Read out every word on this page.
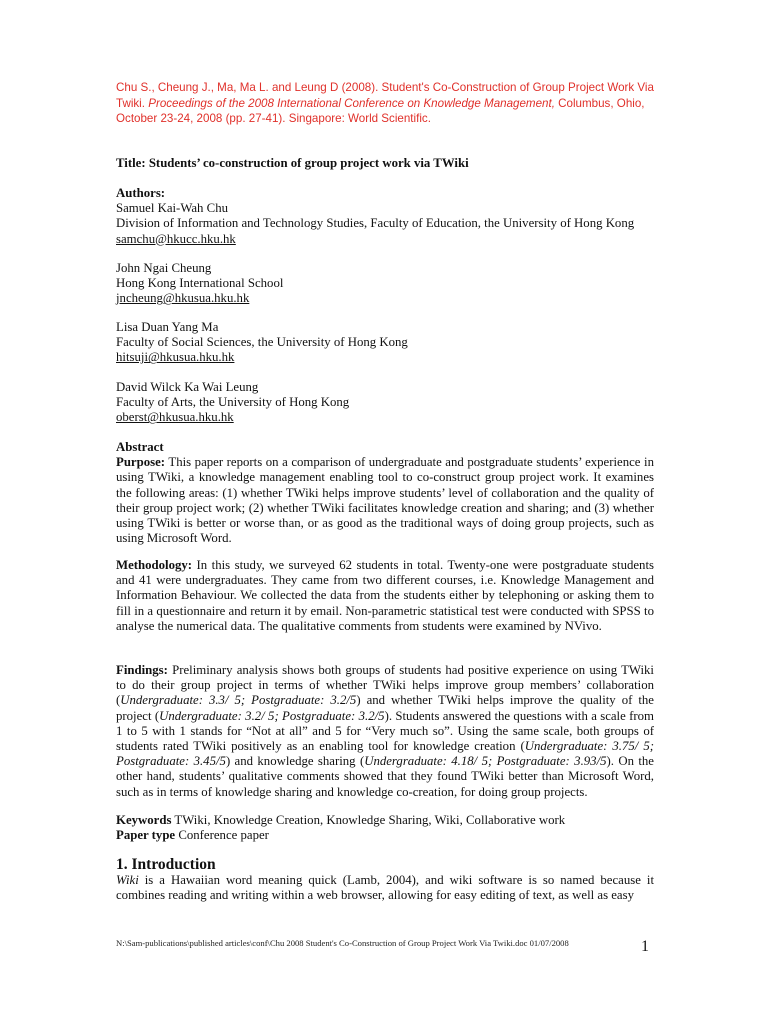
Chu S., Cheung J., Ma, Ma L. and Leung D (2008). Student's Co-Construction of Group Project Work Via Twiki. Proceedings of the 2008 International Conference on Knowledge Management, Columbus, Ohio, October 23-24, 2008 (pp. 27-41). Singapore: World Scientific.
Title: Students’ co-construction of group project work via TWiki

Authors:

Samuel Kai-Wah Chu

Division of Information and Technology Studies, Faculty of Education, the University of Hong Kong

samchu@hkucc.hku.hk

John Ngai Cheung

Hong Kong International School

jncheung@hkusua.hku.hk

Lisa Duan Yang Ma

Faculty of Social Sciences, the University of Hong Kong

hitsuji@hkusua.hku.hk

David Wilck Ka Wai Leung

Faculty of Arts, the University of Hong Kong

oberst@hkusua.hku.hk

Abstract

Purpose: This paper reports on a comparison of undergraduate and postgraduate students’ experience in using TWiki, a knowledge management enabling tool to co-construct group project work. It examines the following areas: (1) whether TWiki helps improve students’ level of collaboration and the quality of their group project work; (2) whether TWiki facilitates knowledge creation and sharing; and (3) whether using TWiki is better or worse than, or as good as the traditional ways of doing group projects, such as using Microsoft Word.

Methodology: In this study, we surveyed 62 students in total. Twenty-one were postgraduate students and 41 were undergraduates. They came from two different courses, i.e. Knowledge Management and Information Behaviour. We collected the data from the students either by telephoning or asking them to fill in a questionnaire and return it by email. Non-parametric statistical test were conducted with SPSS to analyse the numerical data. The qualitative comments from students were examined by NVivo.

Findings: Preliminary analysis shows both groups of students had positive experience on using TWiki to do their group project in terms of whether TWiki helps improve group members’ collaboration (Undergraduate: 3.3/ 5; Postgraduate: 3.2/5) and whether TWiki helps improve the quality of the project (Undergraduate: 3.2/ 5; Postgraduate: 3.2/5). Students answered the questions with a scale from 1 to 5 with 1 stands for “Not at all” and 5 for “Very much so”. Using the same scale, both groups of students rated TWiki positively as an enabling tool for knowledge creation (Undergraduate: 3.75/ 5; Postgraduate: 3.45/5) and knowledge sharing (Undergraduate: 4.18/ 5; Postgraduate: 3.93/5). On the other hand, students’ qualitative comments showed that they found TWiki better than Microsoft Word, such as in terms of knowledge sharing and knowledge co-creation, for doing group projects.

Keywords TWiki, Knowledge Creation, Knowledge Sharing, Wiki, Collaborative work

Paper type Conference paper

1. Introduction

Wiki is a Hawaiian word meaning quick (Lamb, 2004), and wiki software is so named because it combines reading and writing within a web browser, allowing for easy editing of text, as well as easy

N:\Sam-publications\published articles\conf\Chu 2008 Student's Co-Construction of Group Project Work Via Twiki.doc 01/07/2008	1
